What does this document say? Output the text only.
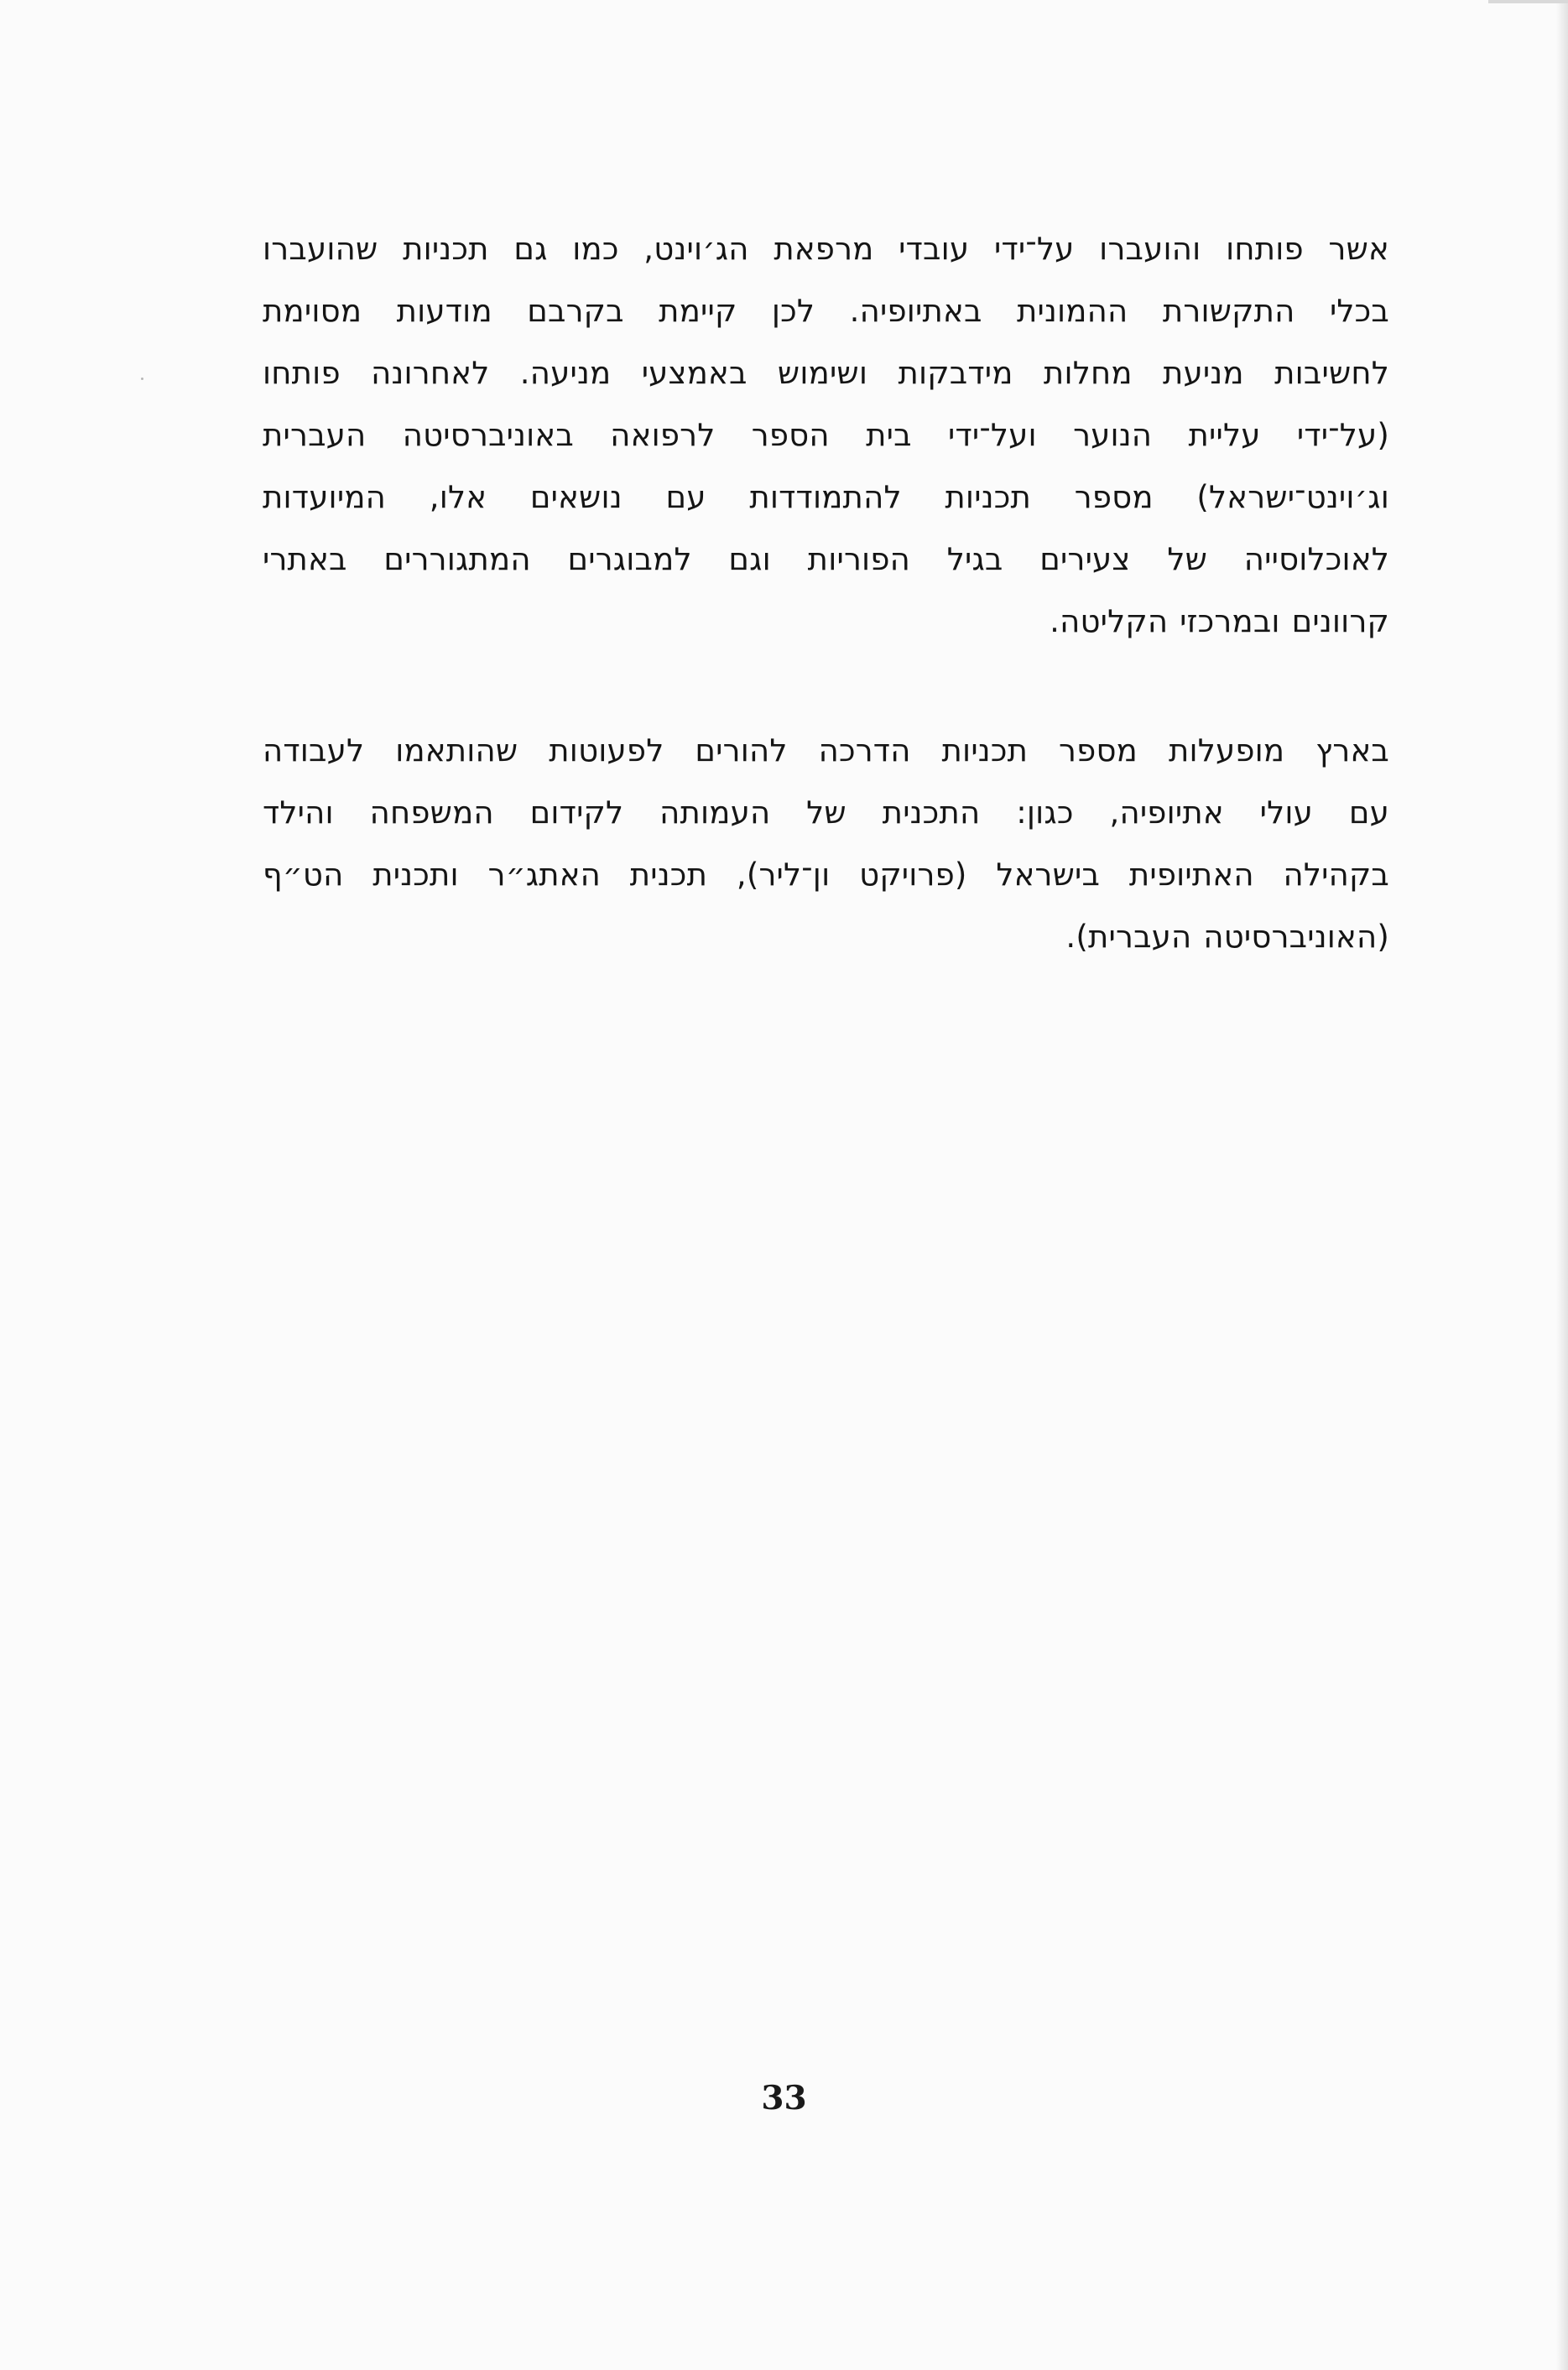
אשר פותחו והועברו על־ידי עובדי מרפאת הג׳וינט, כמו גם תכניות שהועברו
בכלי התקשורת ההמונית באתיופיה. לכן קיימת בקרבם מודעות מסוימת
לחשיבות מניעת מחלות מידבקות ושימוש באמצעי מניעה. לאחרונה פותחו
(על־ידי עליית הנוער ועל־ידי בית הספר לרפואה באוניברסיטה העברית
וג׳וינט־ישראל) מספר תכניות להתמודדות עם נושאים אלו, המיועדות
לאוכלוסייה של צעירים בגיל הפוריות וגם למבוגרים המתגוררים באתרי
קרוונים ובמרכזי הקליטה.
בארץ מופעלות מספר תכניות הדרכה להורים לפעוטות שהותאמו לעבודה
עם עולי אתיופיה, כגון: התכנית של העמותה לקידום המשפחה והילד
בקהילה האתיופית בישראל (פרויקט ון־ליר), תכנית האתג״ר ותכנית הט״ף
(האוניברסיטה העברית).
33
